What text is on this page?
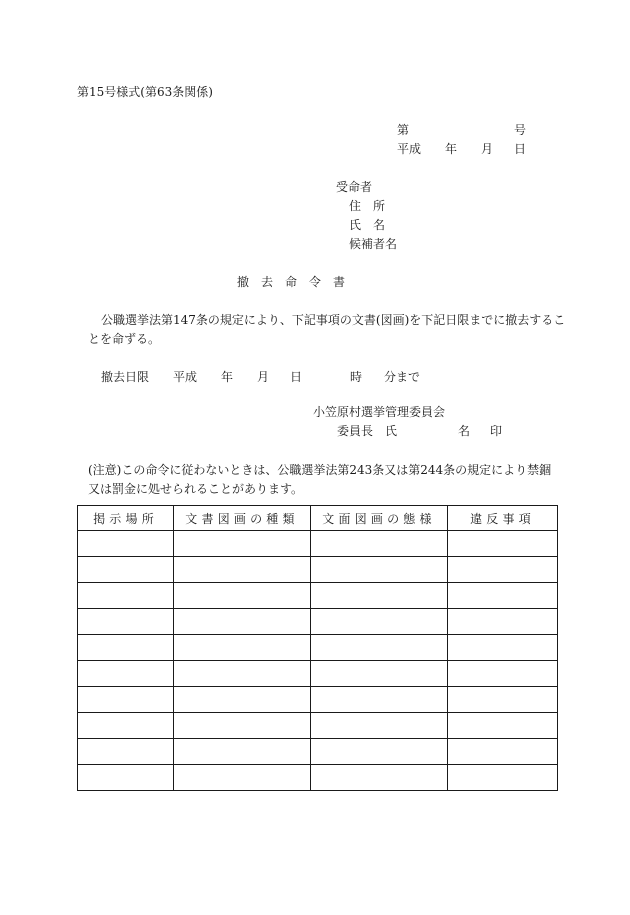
第15号様式(第63条関係)
第	号
平成 年 月 日
受命者
住　所
氏　名
候補者名
撤　去　命　令　書
公職選挙法第147条の規定により、下記事項の文書(図画)を下記日限までに撤去するこ
とを命ずる。
撤去日限 平成 年 月 日	時 分まで
小笠原村選挙管理委員会
委員長　氏	名 印
(注意)この命令に従わないときは、公職選挙法第243条又は第244条の規定により禁錮
又は罰金に処せられることがあります。
掲示場所	文書図画の種類	文面図画の態様	違反事項
